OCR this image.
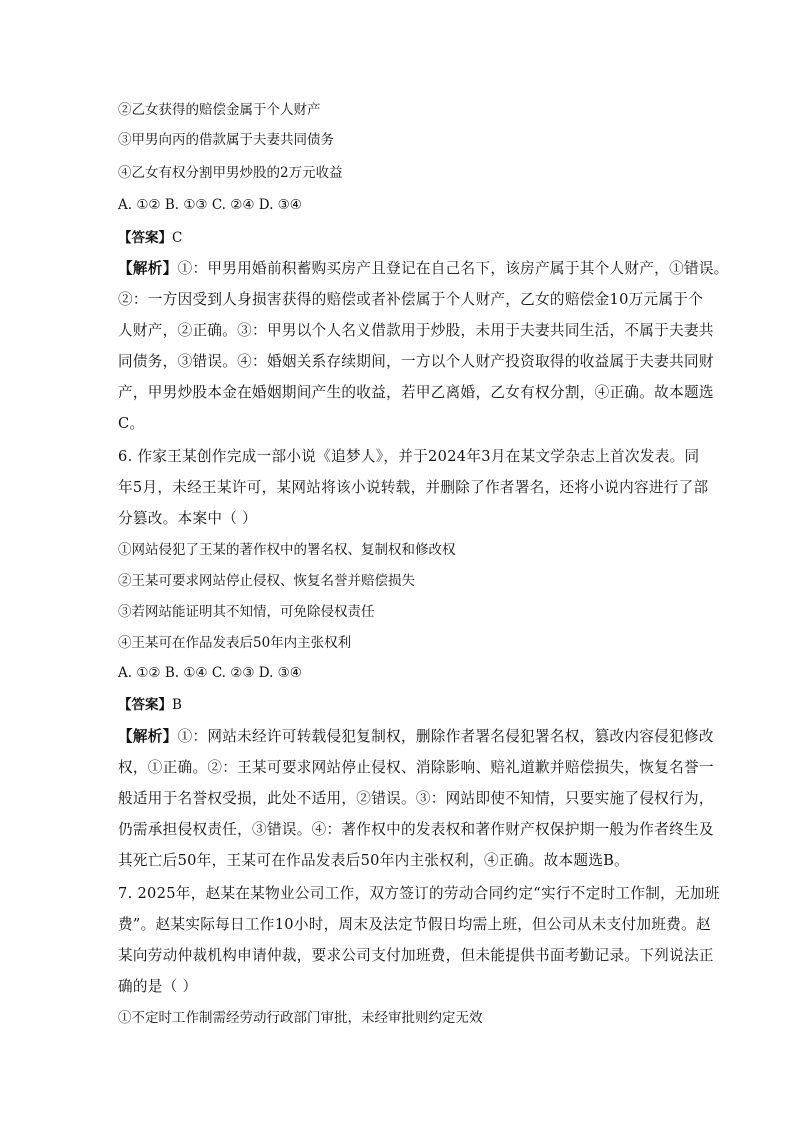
②乙女获得的赔偿金属于个人财产
③甲男向丙的借款属于夫妻共同债务
④乙女有权分割甲男炒股的2万元收益
A. ①② B. ①③ C. ②④ D. ③④
【答案】C
【解析】①：甲男用婚前积蓄购买房产且登记在自己名下，该房产属于其个人财产，①错误。
②：一方因受到人身损害获得的赔偿或者补偿属于个人财产，乙女的赔偿金10万元属于个
人财产，②正确。③：甲男以个人名义借款用于炒股，未用于夫妻共同生活，不属于夫妻共
同债务，③错误。④：婚姻关系存续期间，一方以个人财产投资取得的收益属于夫妻共同财
产，甲男炒股本金在婚姻期间产生的收益，若甲乙离婚，乙女有权分割，④正确。故本题选
C。
6. 作家王某创作完成一部小说《追梦人》，并于2024年3月在某文学杂志上首次发表。同
年5月，未经王某许可，某网站将该小说转载，并删除了作者署名，还将小说内容进行了部
分篡改。本案中（ ）
①网站侵犯了王某的著作权中的署名权、复制权和修改权
②王某可要求网站停止侵权、恢复名誉并赔偿损失
③若网站能证明其不知情，可免除侵权责任
④王某可在作品发表后50年内主张权利
A. ①② B. ①④ C. ②③ D. ③④
【答案】B
【解析】①：网站未经许可转载侵犯复制权，删除作者署名侵犯署名权，篡改内容侵犯修改
权，①正确。②：王某可要求网站停止侵权、消除影响、赔礼道歉并赔偿损失，恢复名誉一
般适用于名誉权受损，此处不适用，②错误。③：网站即使不知情，只要实施了侵权行为，
仍需承担侵权责任，③错误。④：著作权中的发表权和著作财产权保护期一般为作者终生及
其死亡后50年，王某可在作品发表后50年内主张权利，④正确。故本题选B。
7. 2025年，赵某在某物业公司工作，双方签订的劳动合同约定“实行不定时工作制，无加班
费”。赵某实际每日工作10小时，周末及法定节假日均需上班，但公司从未支付加班费。赵
某向劳动仲裁机构申请仲裁，要求公司支付加班费，但未能提供书面考勤记录。下列说法正
确的是（ ）
①不定时工作制需经劳动行政部门审批，未经审批则约定无效
